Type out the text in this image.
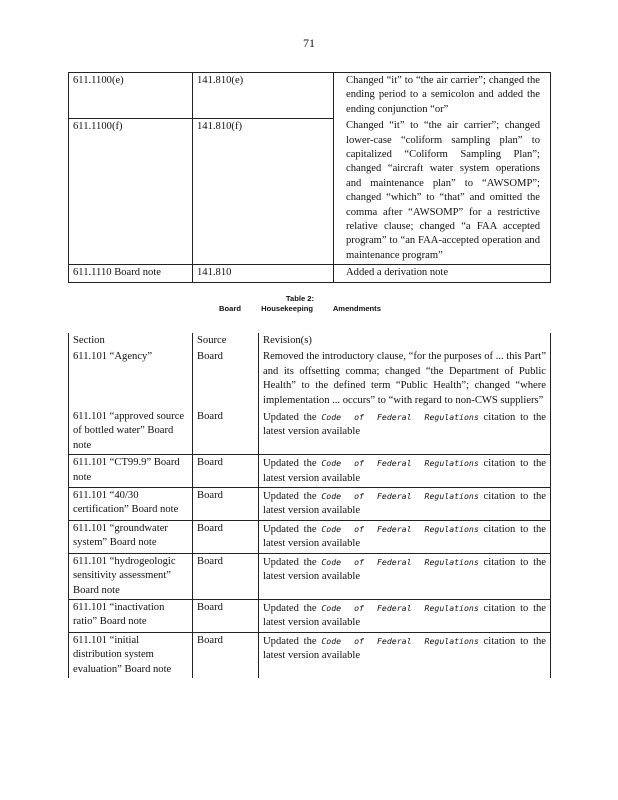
71
611.1100(e)	141.810(e)	Changed “it” to “the air carrier”; changed the ending period to a semicolon and added the ending conjunction “or”

611.1100(f)	141.810(f)	Changed “it” to “the air carrier”; changed lower-case “coliform sampling plan” to capitalized “Coliform Sampling Plan”; changed “aircraft water system operations and maintenance plan” to “AWSOMP”; changed “which” to “that” and omitted the comma after “AWSOMP” for a restrictive relative clause; changed “a FAA accepted program” to “an FAA-accepted operation and maintenance program”

611.1110 Board note	141.810	Added a derivation note
Table 2:
Board Housekeeping Amendments
Section	Source	Revision(s)
611.101 “Agency”	Board	Removed the introductory clause, “for the purposes of ... this Part” and its offsetting comma; changed “the Department of Public Health” to the defined term “Public Health”; changed “where implementation ... occurs” to “with regard to non-CWS suppliers”
611.101 “approved source of bottled water” Board note	Board	Updated the Code of Federal Regulations citation to the latest version available
611.101 “CT99.9” Board note	Board	Updated the Code of Federal Regulations citation to the latest version available
611.101 “40/30 certification” Board note	Board	Updated the Code of Federal Regulations citation to the latest version available
611.101 “groundwater system” Board note	Board	Updated the Code of Federal Regulations citation to the latest version available
611.101 “hydrogeologic sensitivity assessment” Board note	Board	Updated the Code of Federal Regulations citation to the latest version available
611.101 “inactivation ratio” Board note	Board	Updated the Code of Federal Regulations citation to the latest version available
611.101 “initial distribution system evaluation” Board note	Board	Updated the Code of Federal Regulations citation to the latest version available
